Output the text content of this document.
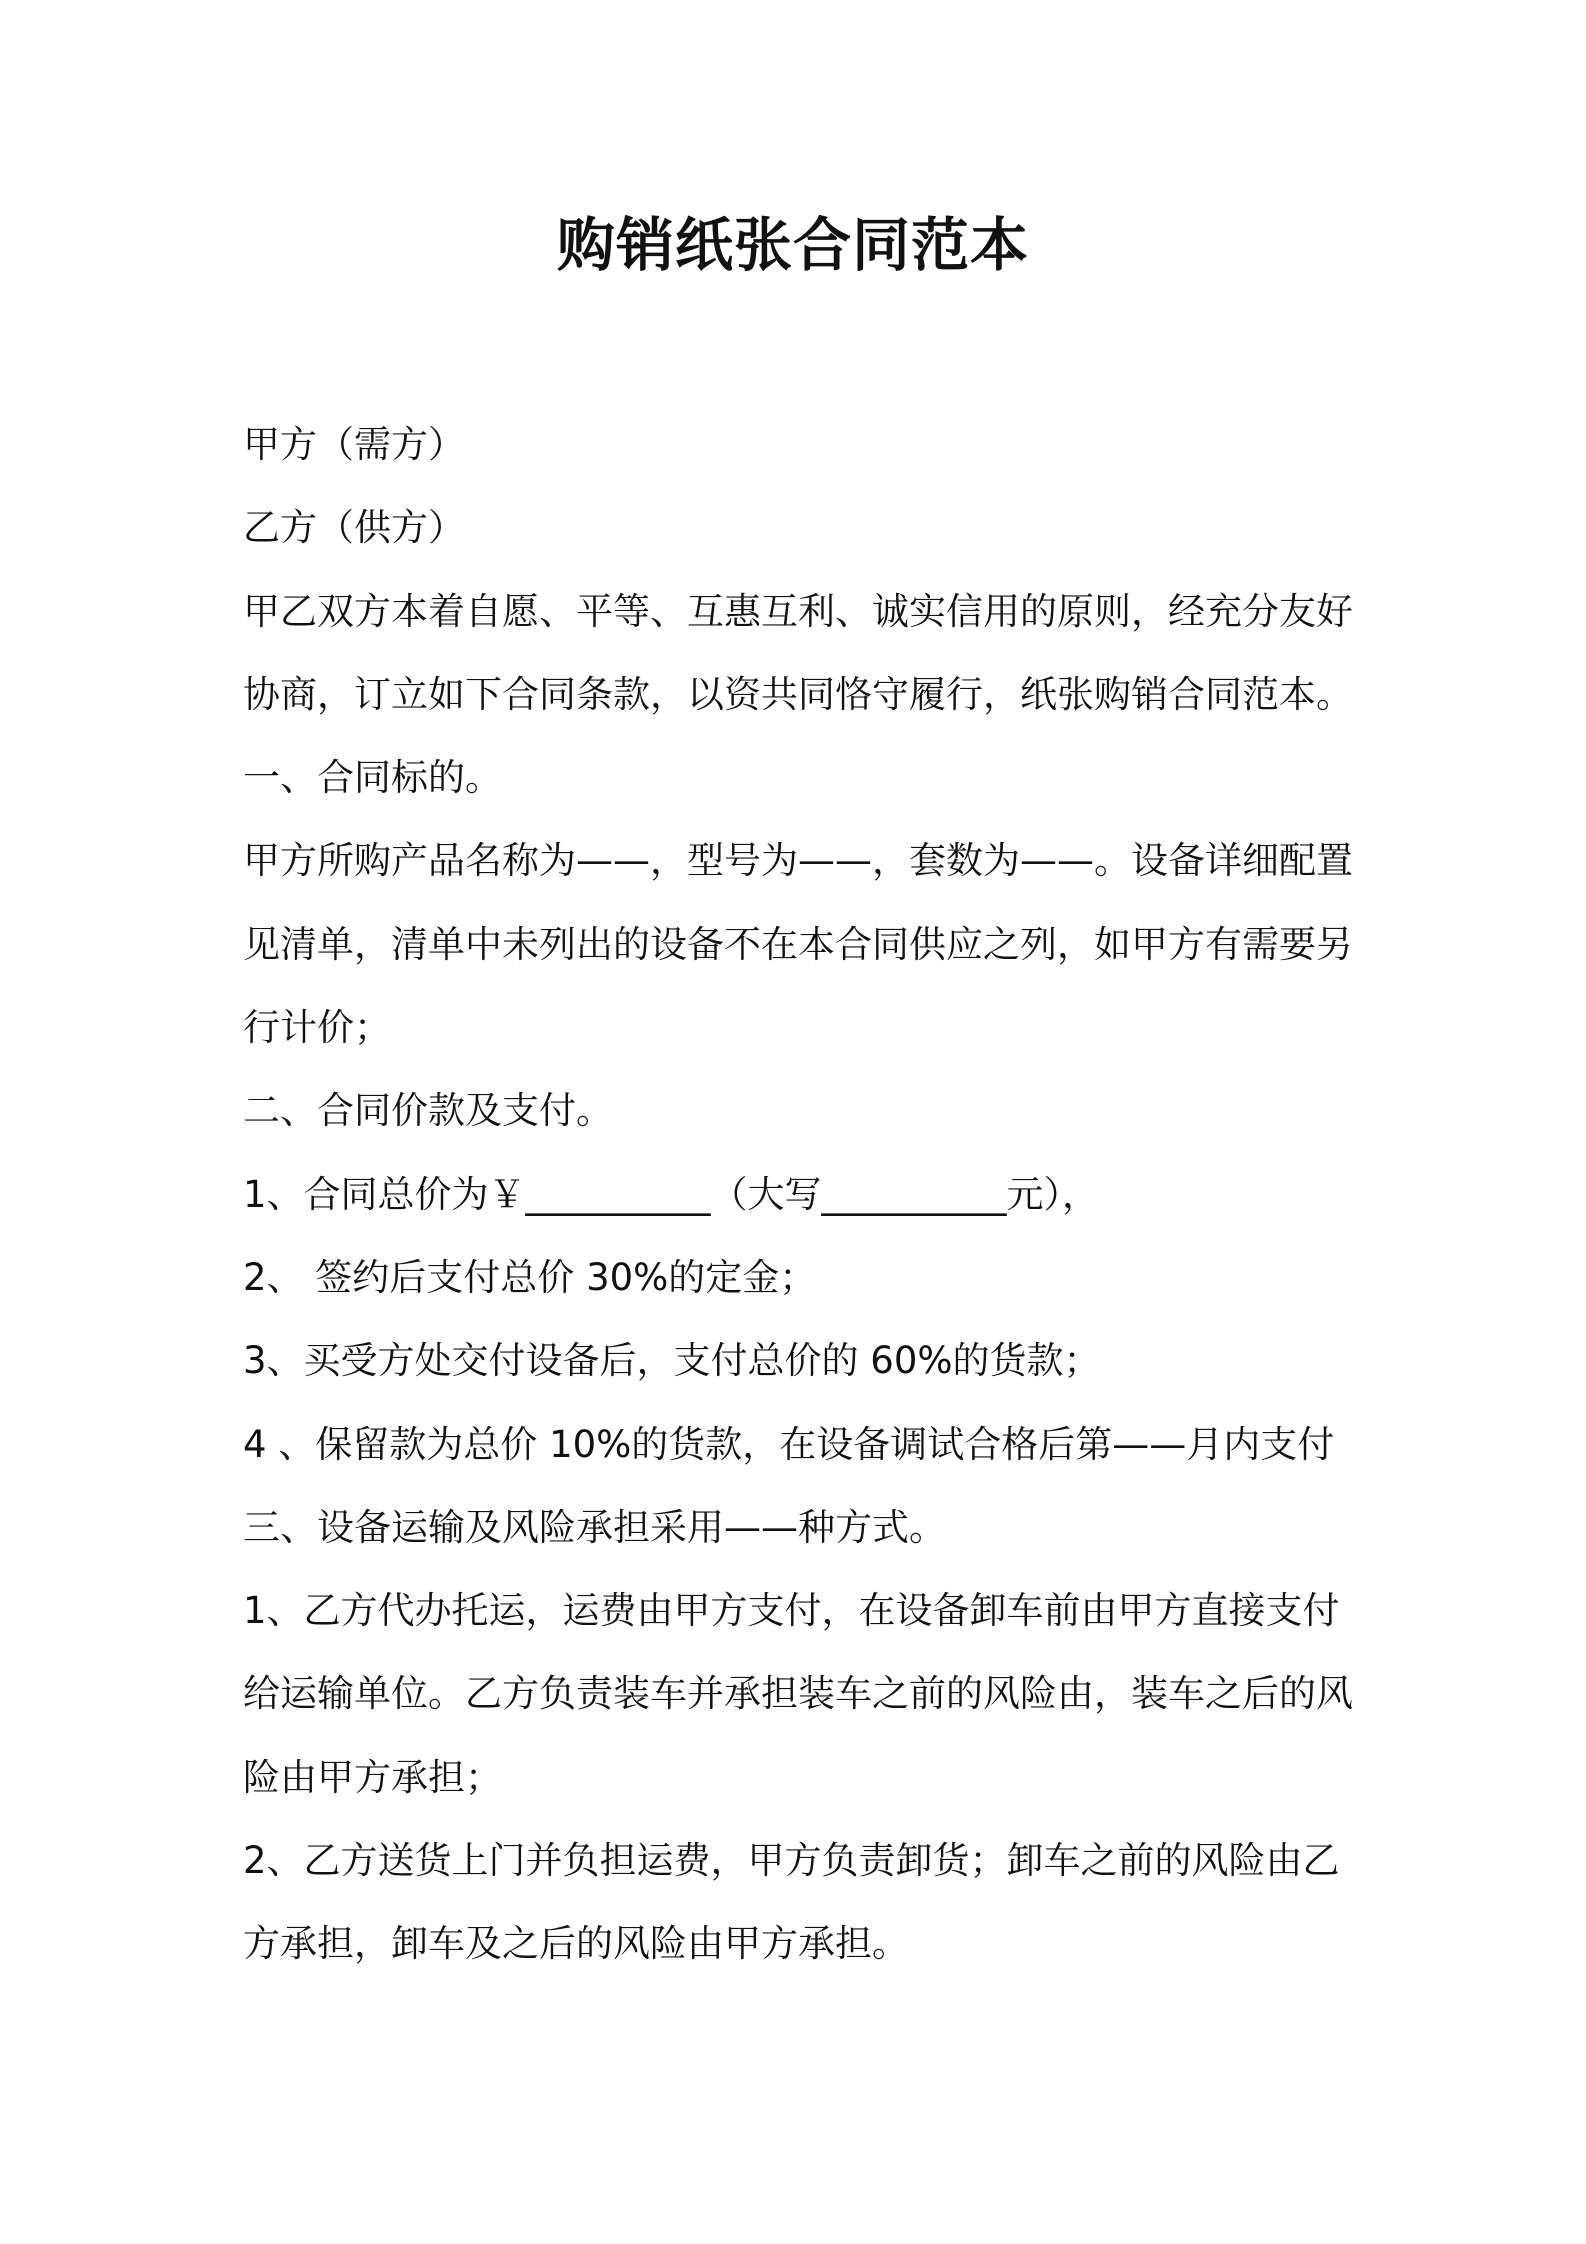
购销纸张合同范本
甲方（需方）
乙方（供方）
甲乙双方本着自愿、平等、互惠互利、诚实信用的原则，经充分友好
协商，订立如下合同条款，以资共同恪守履行，纸张购销合同范本。
一、合同标的。
甲方所购产品名称为——，型号为——，套数为——。设备详细配置
见清单，清单中未列出的设备不在本合同供应之列，如甲方有需要另
行计价；
二、合同价款及支付。
1、合同总价为￥__________（大写__________元），
2、 签约后支付总价 30%的定金；
3、买受方处交付设备后，支付总价的 60%的货款；
4 、保留款为总价 10%的货款，在设备调试合格后第——月内支付
三、设备运输及风险承担采用——种方式。
1、乙方代办托运，运费由甲方支付，在设备卸车前由甲方直接支付
给运输单位。乙方负责装车并承担装车之前的风险由，装车之后的风
险由甲方承担；
2、乙方送货上门并负担运费，甲方负责卸货；卸车之前的风险由乙
方承担，卸车及之后的风险由甲方承担。
